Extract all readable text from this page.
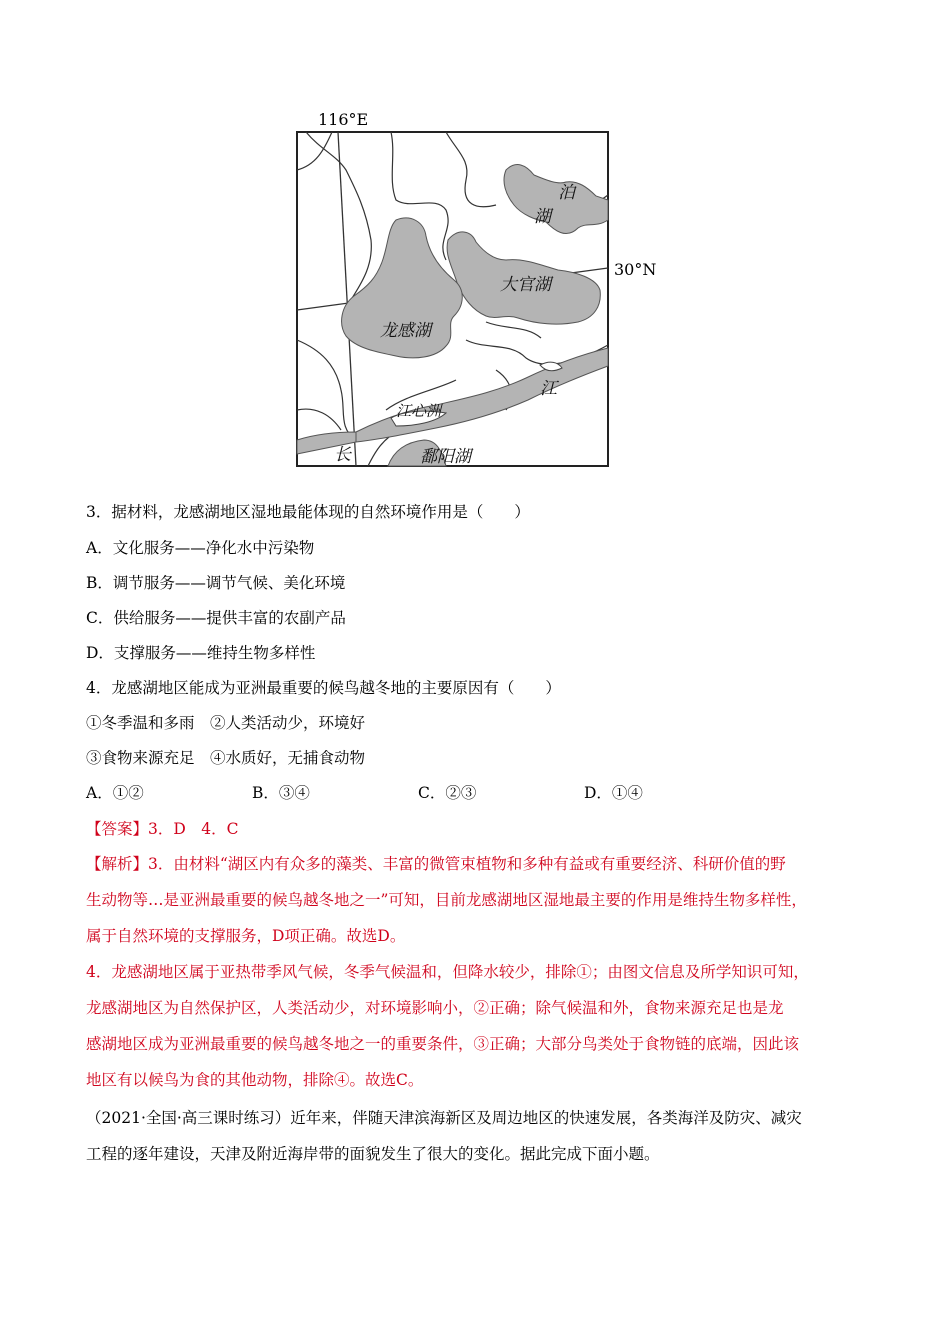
116°E
30°N
泊
湖
大官湖
龙感湖
江
江心洲
长	鄱阳湖
3．据材料，龙感湖地区湿地最能体现的自然环境作用是（　　）
A．文化服务——净化水中污染物
B．调节服务——调节气候、美化环境
C．供给服务——提供丰富的农副产品
D．支撑服务——维持生物多样性
4．龙感湖地区能成为亚洲最重要的候鸟越冬地的主要原因有（　　）
①冬季温和多雨　②人类活动少，环境好
③食物来源充足　④水质好，无捕食动物
A．①②	B．③④	C．②③	D．①④
【答案】3．D　4．C
【解析】3．由材料“湖区内有众多的藻类、丰富的微管束植物和多种有益或有重要经济、科研价值的野
生动物等…是亚洲最重要的候鸟越冬地之一”可知，目前龙感湖地区湿地最主要的作用是维持生物多样性，
属于自然环境的支撑服务，D项正确。故选D。
4．龙感湖地区属于亚热带季风气候，冬季气候温和，但降水较少，排除①；由图文信息及所学知识可知，
龙感湖地区为自然保护区，人类活动少，对环境影响小，②正确；除气候温和外，食物来源充足也是龙
感湖地区成为亚洲最重要的候鸟越冬地之一的重要条件，③正确；大部分鸟类处于食物链的底端，因此该
地区有以候鸟为食的其他动物，排除④。故选C。
（2021·全国·高三课时练习）近年来，伴随天津滨海新区及周边地区的快速发展，各类海洋及防灾、减灾
工程的逐年建设，天津及附近海岸带的面貌发生了很大的变化。据此完成下面小题。
